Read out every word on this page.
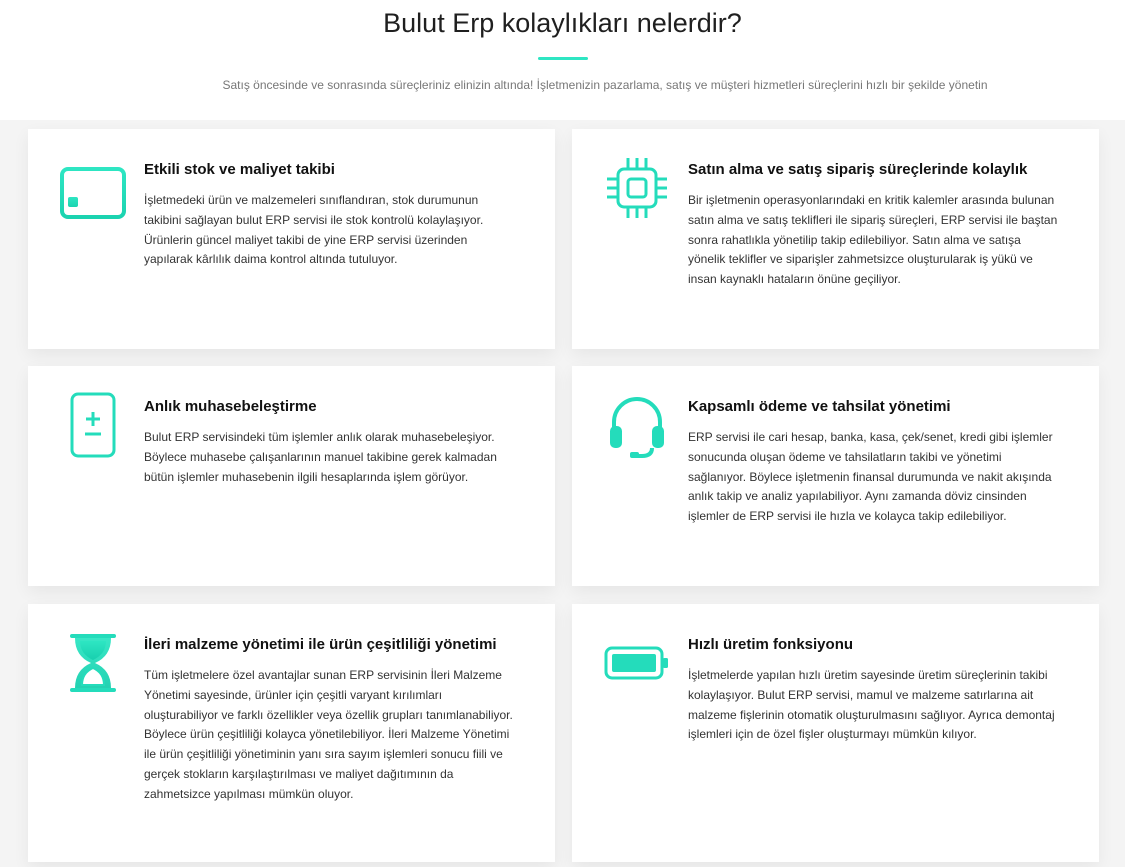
Bulut Erp kolaylıkları nelerdir?

Satış öncesinde ve sonrasında süreçleriniz elinizin altında! İşletmenizin pazarlama, satış ve müşteri hizmetleri süreçlerini hızlı bir şekilde yönetin

Etkili stok ve maliyet takibi
İşletmedeki ürün ve malzemeleri sınıflandıran, stok durumunun takibini sağlayan bulut ERP servisi ile stok kontrolü kolaylaşıyor. Ürünlerin güncel maliyet takibi de yine ERP servisi üzerinden yapılarak kârlılık daima kontrol altında tutuluyor.
Satın alma ve satış sipariş süreçlerinde kolaylık
Bir işletmenin operasyonlarındaki en kritik kalemler arasında bulunan satın alma ve satış teklifleri ile sipariş süreçleri, ERP servisi ile baştan sonra rahatlıkla yönetilip takip edilebiliyor. Satın alma ve satışa yönelik teklifler ve siparişler zahmetsizce oluşturularak iş yükü ve insan kaynaklı hataların önüne geçiliyor.
Anlık muhasebeleştirme
Bulut ERP servisindeki tüm işlemler anlık olarak muhasebeleşiyor. Böylece muhasebe çalışanlarının manuel takibine gerek kalmadan bütün işlemler muhasebenin ilgili hesaplarında işlem görüyor.
Kapsamlı ödeme ve tahsilat yönetimi
ERP servisi ile cari hesap, banka, kasa, çek/senet, kredi gibi işlemler sonucunda oluşan ödeme ve tahsilatların takibi ve yönetimi sağlanıyor. Böylece işletmenin finansal durumunda ve nakit akışında anlık takip ve analiz yapılabiliyor. Aynı zamanda döviz cinsinden işlemler de ERP servisi ile hızla ve kolayca takip edilebiliyor.
İleri malzeme yönetimi ile ürün çeşitliliği yönetimi
Tüm işletmelere özel avantajlar sunan ERP servisinin İleri Malzeme Yönetimi sayesinde, ürünler için çeşitli varyant kırılımları oluşturabiliyor ve farklı özellikler veya özellik grupları tanımlanabiliyor. Böylece ürün çeşitliliği kolayca yönetilebiliyor. İleri Malzeme Yönetimi ile ürün çeşitliliği yönetiminin yanı sıra sayım işlemleri sonucu fiili ve gerçek stokların karşılaştırılması ve maliyet dağıtımının da zahmetsizce yapılması mümkün oluyor.
Hızlı üretim fonksiyonu
İşletmelerde yapılan hızlı üretim sayesinde üretim süreçlerinin takibi kolaylaşıyor. Bulut ERP servisi, mamul ve malzeme satırlarına ait malzeme fişlerinin otomatik oluşturulmasını sağlıyor. Ayrıca demontaj işlemleri için de özel fişler oluşturmayı mümkün kılıyor.
